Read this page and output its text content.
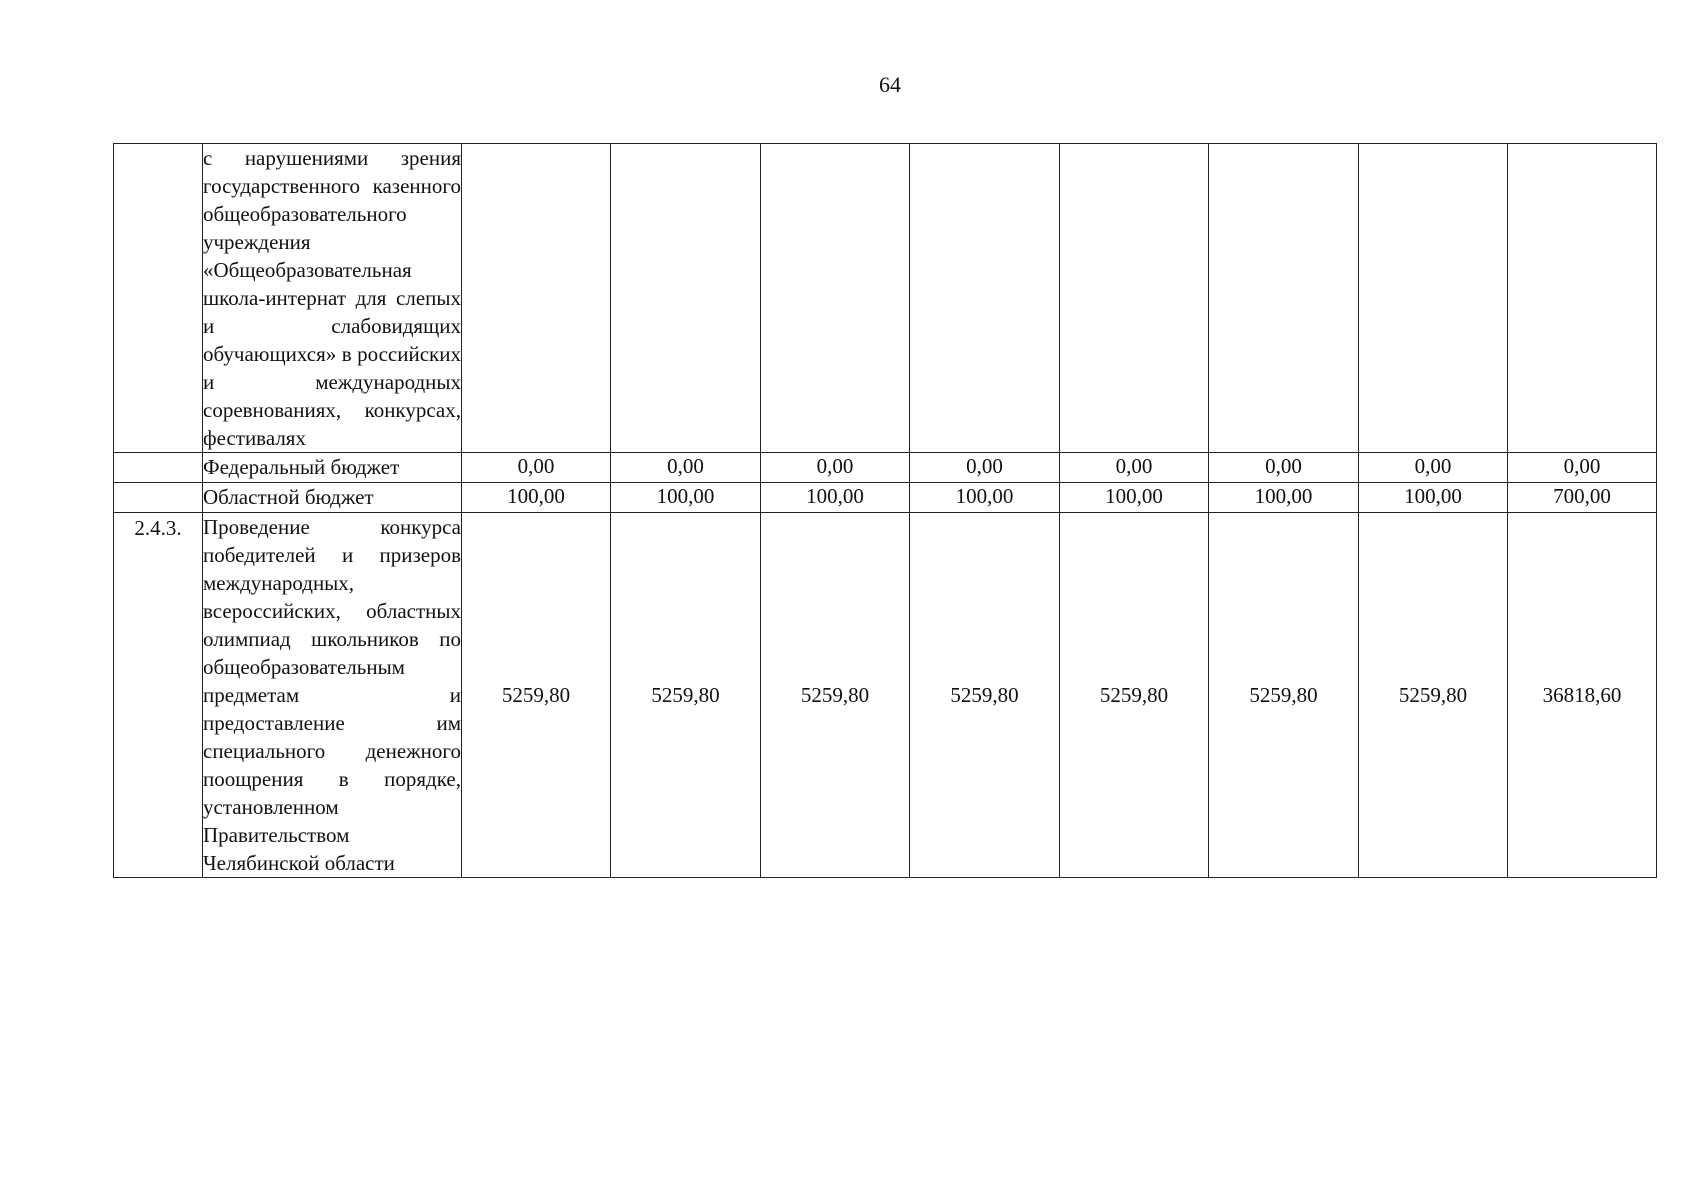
64
	с нарушениями зрения государственного казенного общеобразовательного учреждения «Общеобразовательная школа-интернат для слепых и слабовидящих обучающихся» в российских и международных соревнованиях, конкурсах, фестивалях								
	Федеральный бюджет	0,00	0,00	0,00	0,00	0,00	0,00	0,00	0,00
	Областной бюджет	100,00	100,00	100,00	100,00	100,00	100,00	100,00	700,00
2.4.3.	Проведение конкурса победителей и призеров международных, всероссийских, областных олимпиад школьников по общеобразовательным предметам и предоставление им специального денежного поощрения в порядке, установленном Правительством Челябинской области	5259,80	5259,80	5259,80	5259,80	5259,80	5259,80	5259,80	36818,60
